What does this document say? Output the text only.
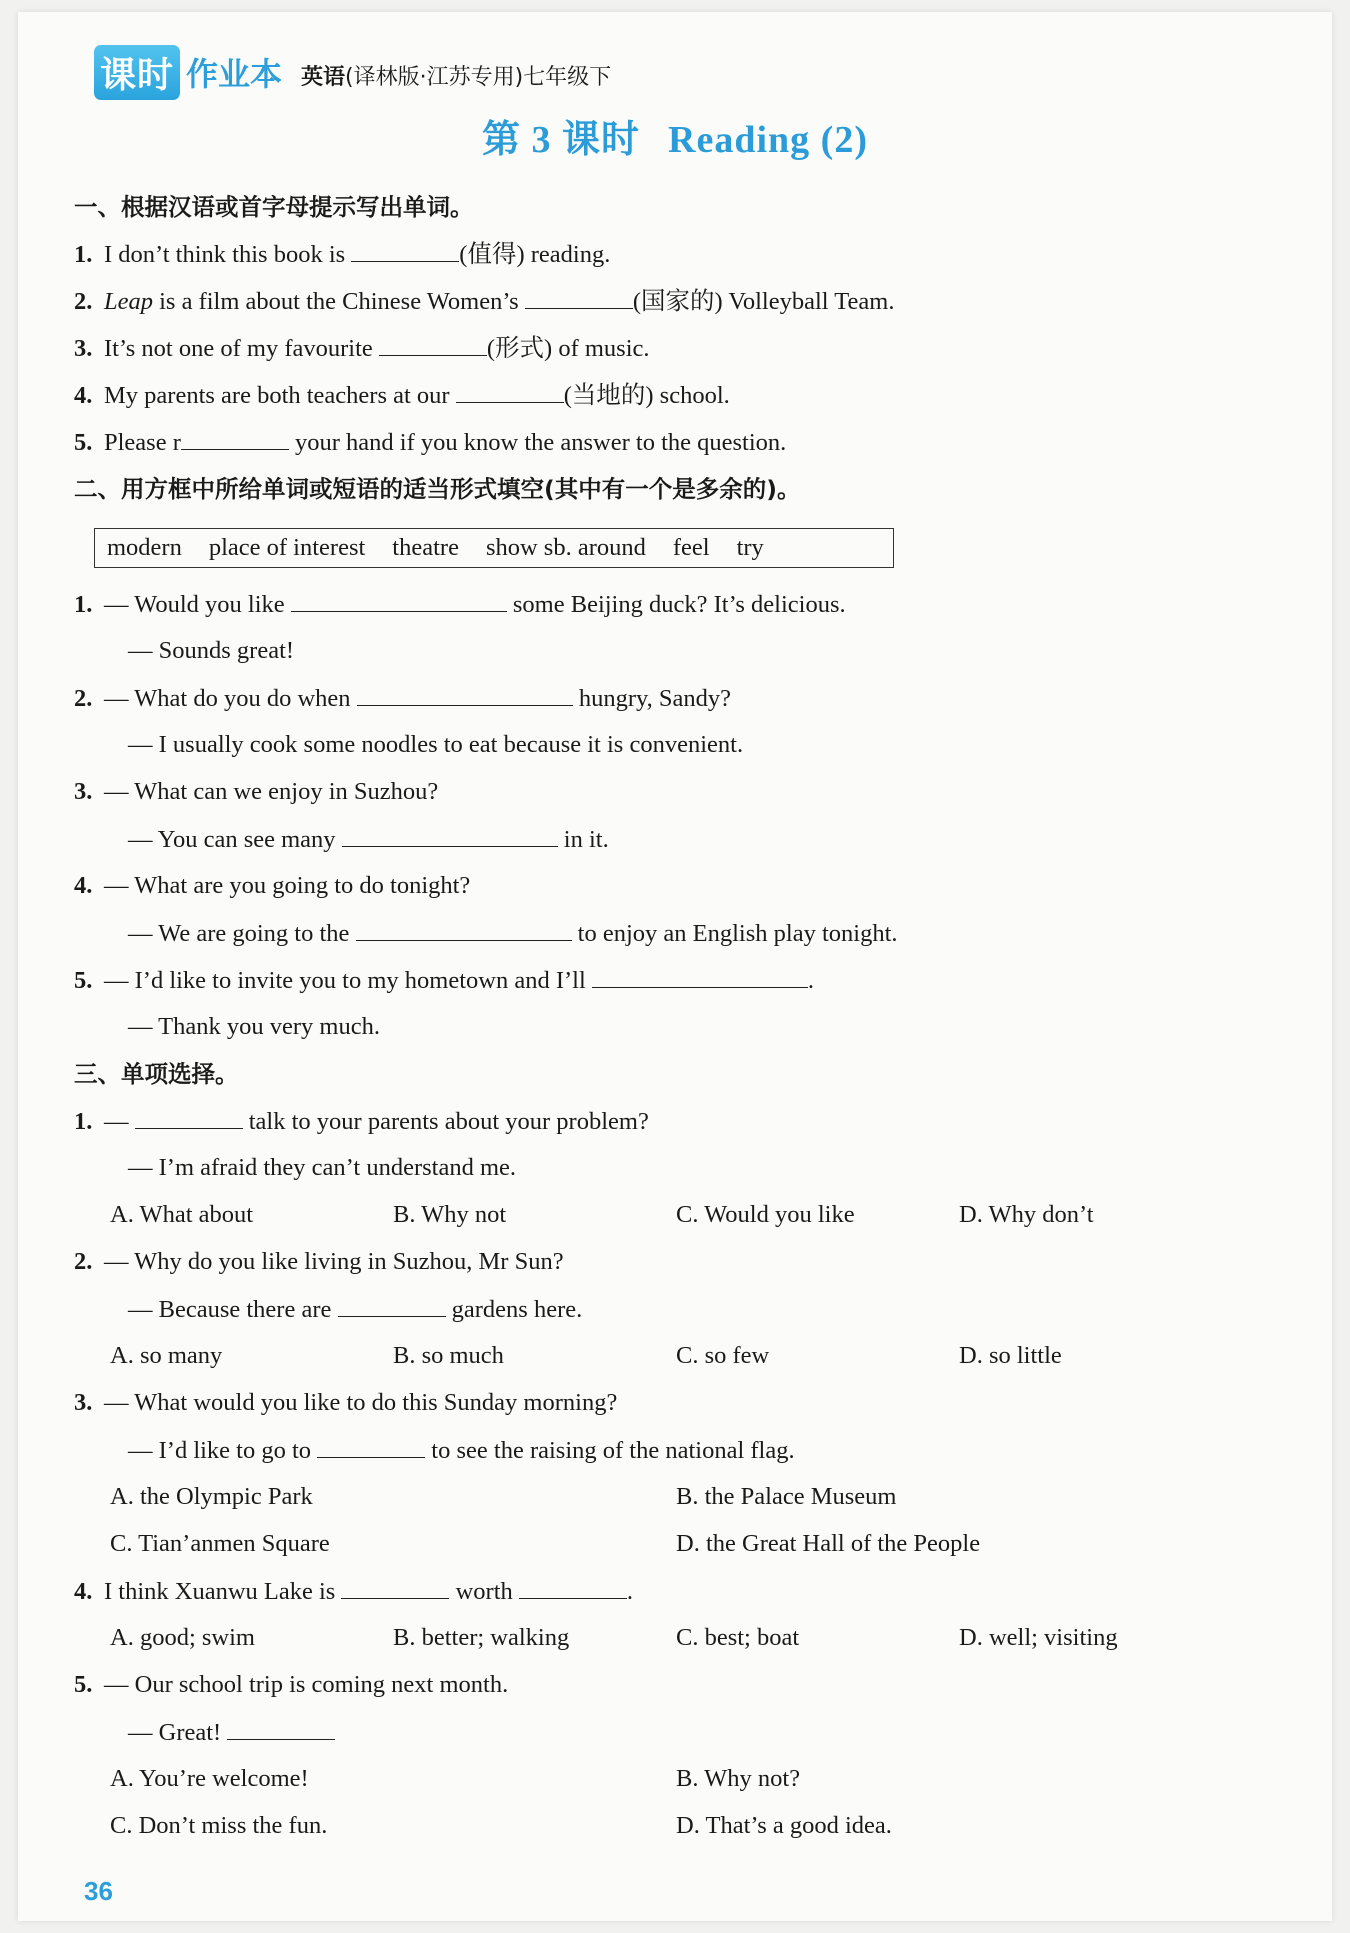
课时 作业本 英语(译林版·江苏专用)七年级下
第 3 课时 Reading (2)
一、根据汉语或首字母提示写出单词。
1. I don’t think this book is	(值得) reading.
2. Leap is a film about the Chinese Women’s	(国家的) Volleyball Team.
3. It’s not one of my favourite	(形式) of music.
4. My parents are both teachers at our	(当地的) school.
5. Please r	your hand if you know the answer to the question.
二、用方框中所给单词或短语的适当形式填空(其中有一个是多余的)。
modern place of interest theatre show sb. around feel try
1. — Would you like	some Beijing duck? It’s delicious.
— Sounds great!
2. — What do you do when	hungry, Sandy?
— I usually cook some noodles to eat because it is convenient.
3. — What can we enjoy in Suzhou?
— You can see many	in it.
4. — What are you going to do tonight?
— We are going to the	to enjoy an English play tonight.
5. — I’d like to invite you to my hometown and I’ll	.
— Thank you very much.
三、单项选择。
1. —	talk to your parents about your problem?
— I’m afraid they can’t understand me.
A. What about	B. Why not	C. Would you like	D. Why don’t
2. — Why do you like living in Suzhou, Mr Sun?
— Because there are	gardens here.
A. so many	B. so much	C. so few	D. so little
3. — What would you like to do this Sunday morning?
— I’d like to go to	to see the raising of the national flag.
A. the Olympic Park	B. the Palace Museum
C. Tian’anmen Square	D. the Great Hall of the People
4. I think Xuanwu Lake is	worth	.
A. good; swim	B. better; walking	C. best; boat	D. well; visiting
5. — Our school trip is coming next month.
— Great!
A. You’re welcome!	B. Why not?
C. Don’t miss the fun.	D. That’s a good idea.
36
